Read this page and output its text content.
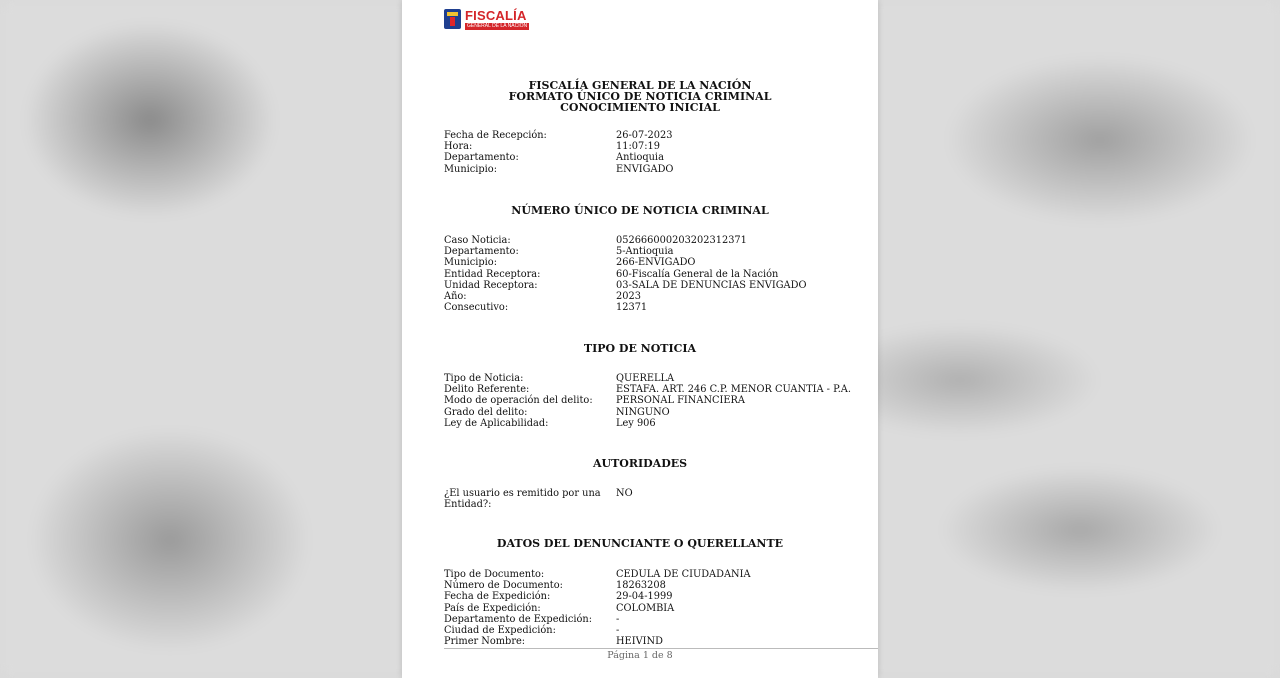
FISCALÍA
GENERAL DE LA NACIÓN
FISCALÍA GENERAL DE LA NACIÓN
FORMATO ÚNICO DE NOTICIA CRIMINAL
CONOCIMIENTO INICIAL
Fecha de Recepción:	26-07-2023
Hora:	11:07:19
Departamento:	Antioquia
Municipio:	ENVIGADO
NÚMERO ÚNICO DE NOTICIA CRIMINAL
Caso Noticia:	052666000203202312371
Departamento:	5-Antioquia
Municipio:	266-ENVIGADO
Entidad Receptora:	60-Fiscalía General de la Nación
Unidad Receptora:	03-SALA DE DENUNCIAS ENVIGADO
Año:	2023
Consecutivo:	12371
TIPO DE NOTICIA
Tipo de Noticia:	QUERELLA
Delito Referente:	ESTAFA. ART. 246 C.P. MENOR CUANTIA - P.A.
Modo de operación del delito:	PERSONAL FINANCIERA
Grado del delito:	NINGUNO
Ley de Aplicabilidad:	Ley 906
AUTORIDADES
¿El usuario es remitido por una Entidad?:
NO
DATOS DEL DENUNCIANTE O QUERELLANTE
Tipo de Documento:	CEDULA DE CIUDADANIA
Número de Documento:	18263208
Fecha de Expedición:	29-04-1999
País de Expedición:	COLOMBIA
Departamento de Expedición:	-
Ciudad de Expedición:	-
Primer Nombre:	HEIVIND
Página 1 de 8
